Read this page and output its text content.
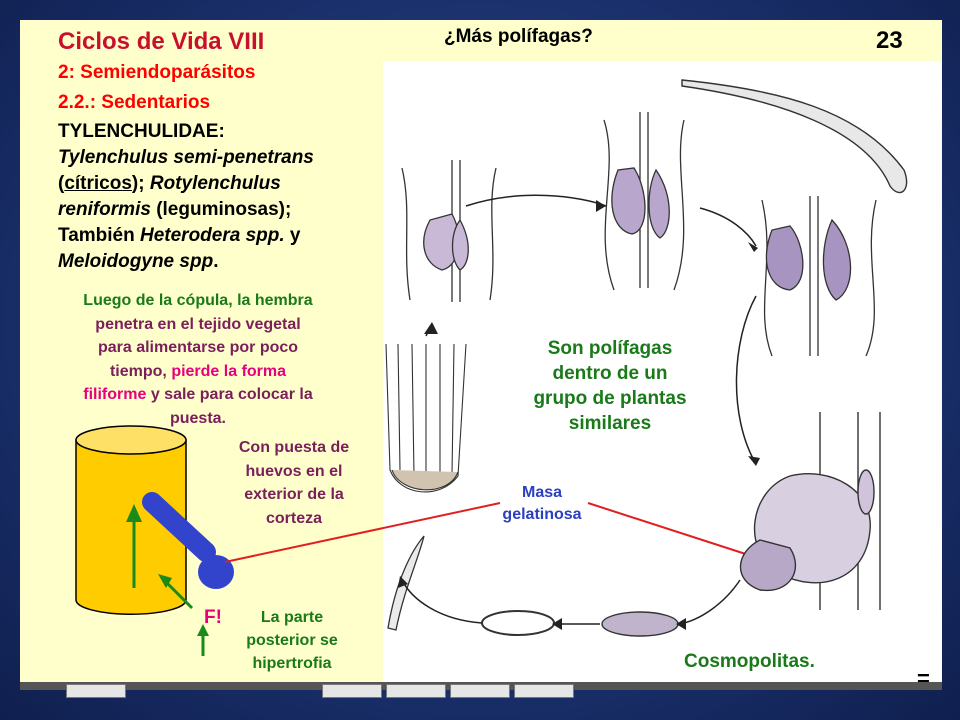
Ciclos de Vida VIII	¿Más polífagas?	23
2: Semiendoparásitos
2.2.: Sedentarios
TYLENCHULIDAE:
Tylenchulus semi-penetrans
(cítricos); Rotylenchulus
reniformis (leguminosas);
También Heterodera spp. y
Meloidogyne spp.
Luego de la cópula, la hembra
penetra en el tejido vegetal
para alimentarse por poco
tiempo, pierde la forma
filiforme y sale para colocar la
puesta.
Con puesta de
huevos en el
exterior de la
corteza
Son polífagas
dentro de un
grupo de plantas
similares
Masa
gelatinosa
F!	La parte
posterior se
hipertrofia	Cosmopolitas.
=
